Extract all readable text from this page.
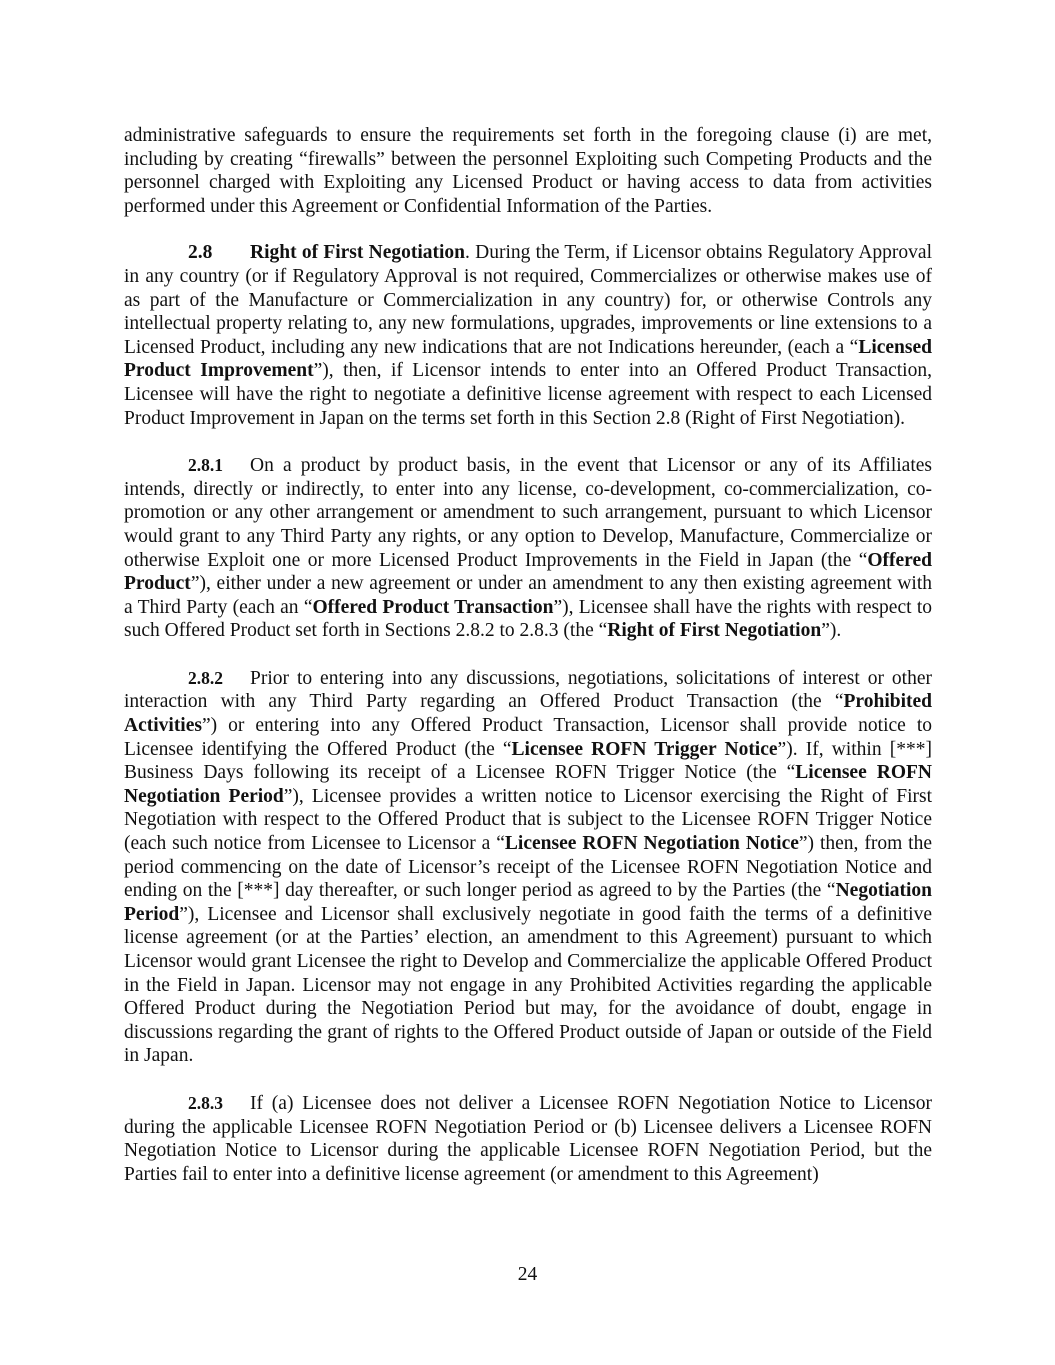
administrative safeguards to ensure the requirements set forth in the foregoing clause (i) are met, including by creating “firewalls” between the personnel Exploiting such Competing Products and the personnel charged with Exploiting any Licensed Product or having access to data from activities performed under this Agreement or Confidential Information of the Parties.

2.8 Right of First Negotiation. During the Term, if Licensor obtains Regulatory Approval in any country (or if Regulatory Approval is not required, Commercializes or otherwise makes use of as part of the Manufacture or Commercialization in any country) for, or otherwise Controls any intellectual property relating to, any new formulations, upgrades, improvements or line extensions to a Licensed Product, including any new indications that are not Indications hereunder, (each a “Licensed Product Improvement”), then, if Licensor intends to enter into an Offered Product Transaction, Licensee will have the right to negotiate a definitive license agreement with respect to each Licensed Product Improvement in Japan on the terms set forth in this Section 2.8 (Right of First Negotiation).

2.8.1 On a product by product basis, in the event that Licensor or any of its Affiliates intends, directly or indirectly, to enter into any license, co-development, co-commercialization, co-promotion or any other arrangement or amendment to such arrangement, pursuant to which Licensor would grant to any Third Party any rights, or any option to Develop, Manufacture, Commercialize or otherwise Exploit one or more Licensed Product Improvements in the Field in Japan (the “Offered Product”), either under a new agreement or under an amendment to any then existing agreement with a Third Party (each an “Offered Product Transaction”), Licensee shall have the rights with respect to such Offered Product set forth in Sections 2.8.2 to 2.8.3 (the “Right of First Negotiation”).

2.8.2 Prior to entering into any discussions, negotiations, solicitations of interest or other interaction with any Third Party regarding an Offered Product Transaction (the “Prohibited Activities”) or entering into any Offered Product Transaction, Licensor shall provide notice to Licensee identifying the Offered Product (the “Licensee ROFN Trigger Notice”). If, within [***] Business Days following its receipt of a Licensee ROFN Trigger Notice (the “Licensee ROFN Negotiation Period”), Licensee provides a written notice to Licensor exercising the Right of First Negotiation with respect to the Offered Product that is subject to the Licensee ROFN Trigger Notice (each such notice from Licensee to Licensor a “Licensee ROFN Negotiation Notice”) then, from the period commencing on the date of Licensor’s receipt of the Licensee ROFN Negotiation Notice and ending on the [***] day thereafter, or such longer period as agreed to by the Parties (the “Negotiation Period”), Licensee and Licensor shall exclusively negotiate in good faith the terms of a definitive license agreement (or at the Parties’ election, an amendment to this Agreement) pursuant to which Licensor would grant Licensee the right to Develop and Commercialize the applicable Offered Product in the Field in Japan. Licensor may not engage in any Prohibited Activities regarding the applicable Offered Product during the Negotiation Period but may, for the avoidance of doubt, engage in discussions regarding the grant of rights to the Offered Product outside of Japan or outside of the Field in Japan.

2.8.3 If (a) Licensee does not deliver a Licensee ROFN Negotiation Notice to Licensor during the applicable Licensee ROFN Negotiation Period or (b) Licensee delivers a Licensee ROFN Negotiation Notice to Licensor during the applicable Licensee ROFN Negotiation Period, but the Parties fail to enter into a definitive license agreement (or amendment to this Agreement)

24
